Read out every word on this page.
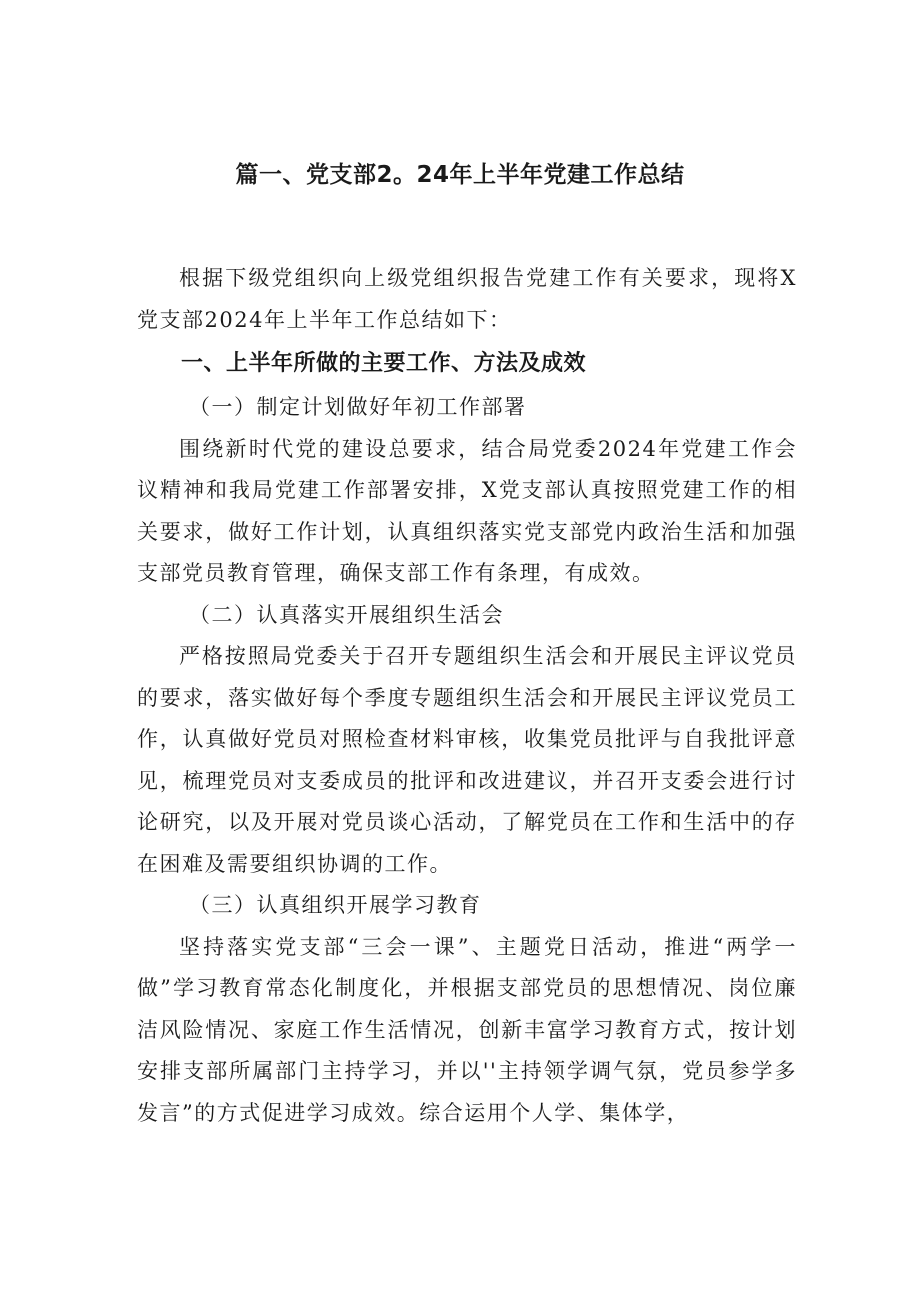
篇一、党支部2。24年上半年党建工作总结

根据下级党组织向上级党组织报告党建工作有关要求，现将X党支部2024年上半年工作总结如下：

一、上半年所做的主要工作、方法及成效

（一）制定计划做好年初工作部署

围绕新时代党的建设总要求，结合局党委2024年党建工作会议精神和我局党建工作部署安排，X党支部认真按照党建工作的相关要求，做好工作计划，认真组织落实党支部党内政治生活和加强支部党员教育管理，确保支部工作有条理，有成效。

（二）认真落实开展组织生活会

严格按照局党委关于召开专题组织生活会和开展民主评议党员的要求，落实做好每个季度专题组织生活会和开展民主评议党员工作，认真做好党员对照检查材料审核，收集党员批评与自我批评意见，梳理党员对支委成员的批评和改进建议，并召开支委会进行讨论研究，以及开展对党员谈心活动，了解党员在工作和生活中的存在困难及需要组织协调的工作。

（三）认真组织开展学习教育

坚持落实党支部“三会一课”、主题党日活动，推进“两学一做”学习教育常态化制度化，并根据支部党员的思想情况、岗位廉洁风险情况、家庭工作生活情况，创新丰富学习教育方式，按计划安排支部所属部门主持学习，并以''主持领学调气氛，党员参学多发言”的方式促进学习成效。综合运用个人学、集体学，
